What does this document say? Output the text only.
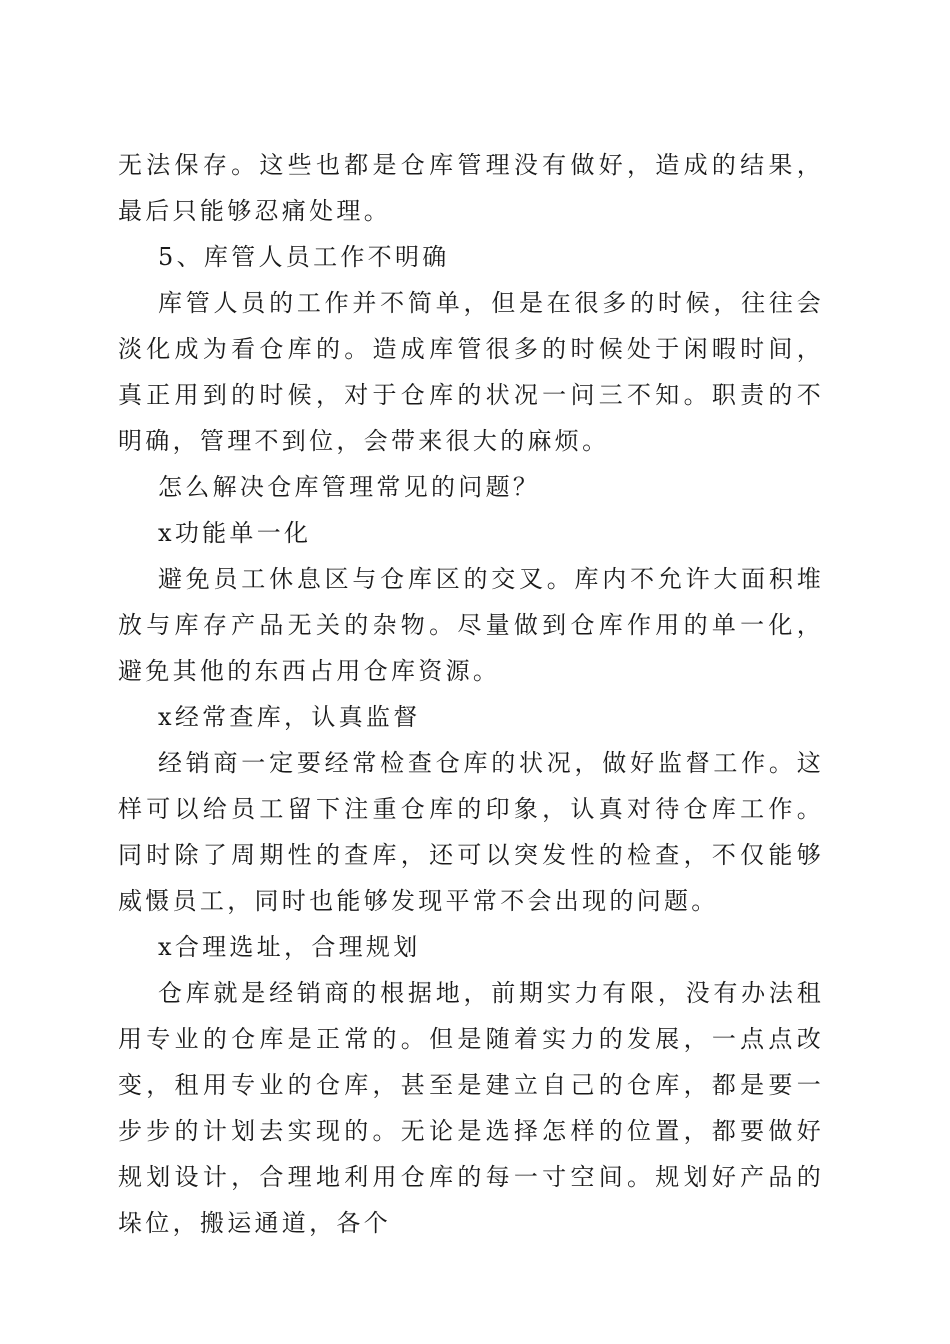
无法保存。这些也都是仓库管理没有做好，造成的结果，最后只能够忍痛处理。

5、库管人员工作不明确

库管人员的工作并不简单，但是在很多的时候，往往会淡化成为看仓库的。造成库管很多的时候处于闲暇时间，真正用到的时候，对于仓库的状况一问三不知。职责的不明确，管理不到位，会带来很大的麻烦。

怎么解决仓库管理常见的问题？

x功能单一化

避免员工休息区与仓库区的交叉。库内不允许大面积堆放与库存产品无关的杂物。尽量做到仓库作用的单一化，避免其他的东西占用仓库资源。

x经常查库，认真监督

经销商一定要经常检查仓库的状况，做好监督工作。这样可以给员工留下注重仓库的印象，认真对待仓库工作。同时除了周期性的查库，还可以突发性的检查，不仅能够威慑员工，同时也能够发现平常不会出现的问题。

x合理选址，合理规划

仓库就是经销商的根据地，前期实力有限，没有办法租用专业的仓库是正常的。但是随着实力的发展，一点点改变，租用专业的仓库，甚至是建立自己的仓库，都是要一步步的计划去实现的。无论是选择怎样的位置，都要做好规划设计，合理地利用仓库的每一寸空间。规划好产品的垛位，搬运通道，各个
